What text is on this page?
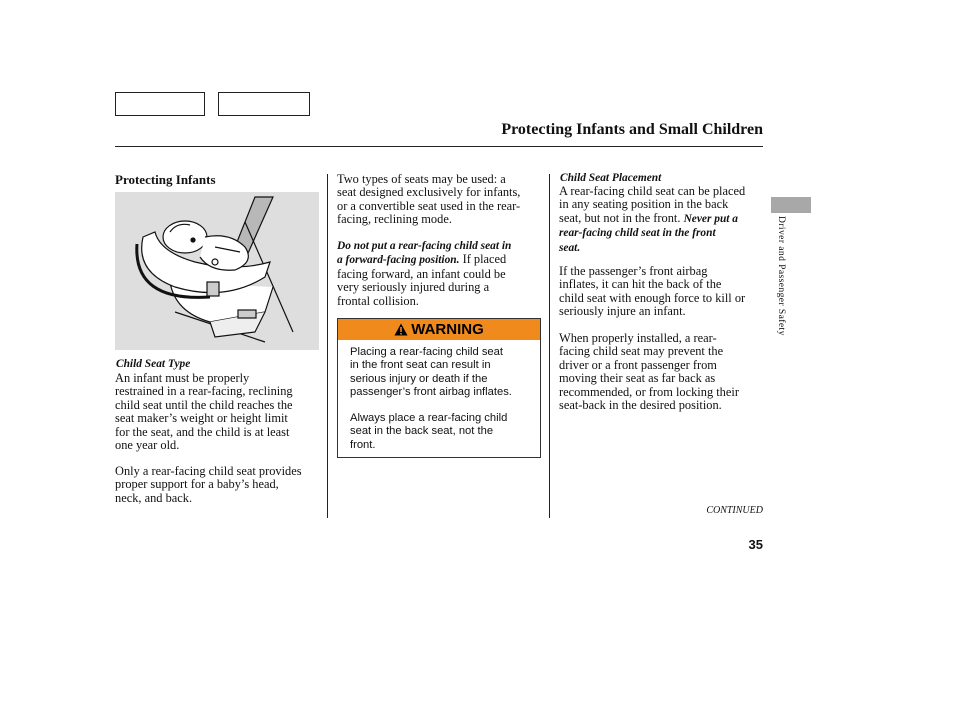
Protecting Infants and Small Children
Protecting Infants
Child Seat Type
An infant must be properly
restrained in a rear-facing, reclining
child seat until the child reaches the
seat maker’s weight or height limit
for the seat, and the child is at least
one year old.
Only a rear-facing child seat provides
proper support for a baby’s head,
neck, and back.
Two types of seats may be used: a
seat designed exclusively for infants,
or a convertible seat used in the rear-
facing, reclining mode.
Do not put a rear-facing child seat in
a forward-facing position. If placed
facing forward, an infant could be
very seriously injured during a
frontal collision.
WARNING
Placing a rear-facing child seat
in the front seat can result in
serious injury or death if the
passenger’s front airbag inflates.
Always place a rear-facing child
seat in the back seat, not the
front.
Child Seat Placement
A rear-facing child seat can be placed
in any seating position in the back
seat, but not in the front. Never put a
rear-facing child seat in the front
seat.
If the passenger’s front airbag
inflates, it can hit the back of the
child seat with enough force to kill or
seriously injure an infant.
When properly installed, a rear-
facing child seat may prevent the
driver or a front passenger from
moving their seat as far back as
recommended, or from locking their
seat-back in the desired position.
Driver and Passenger Safety
CONTINUED
35
